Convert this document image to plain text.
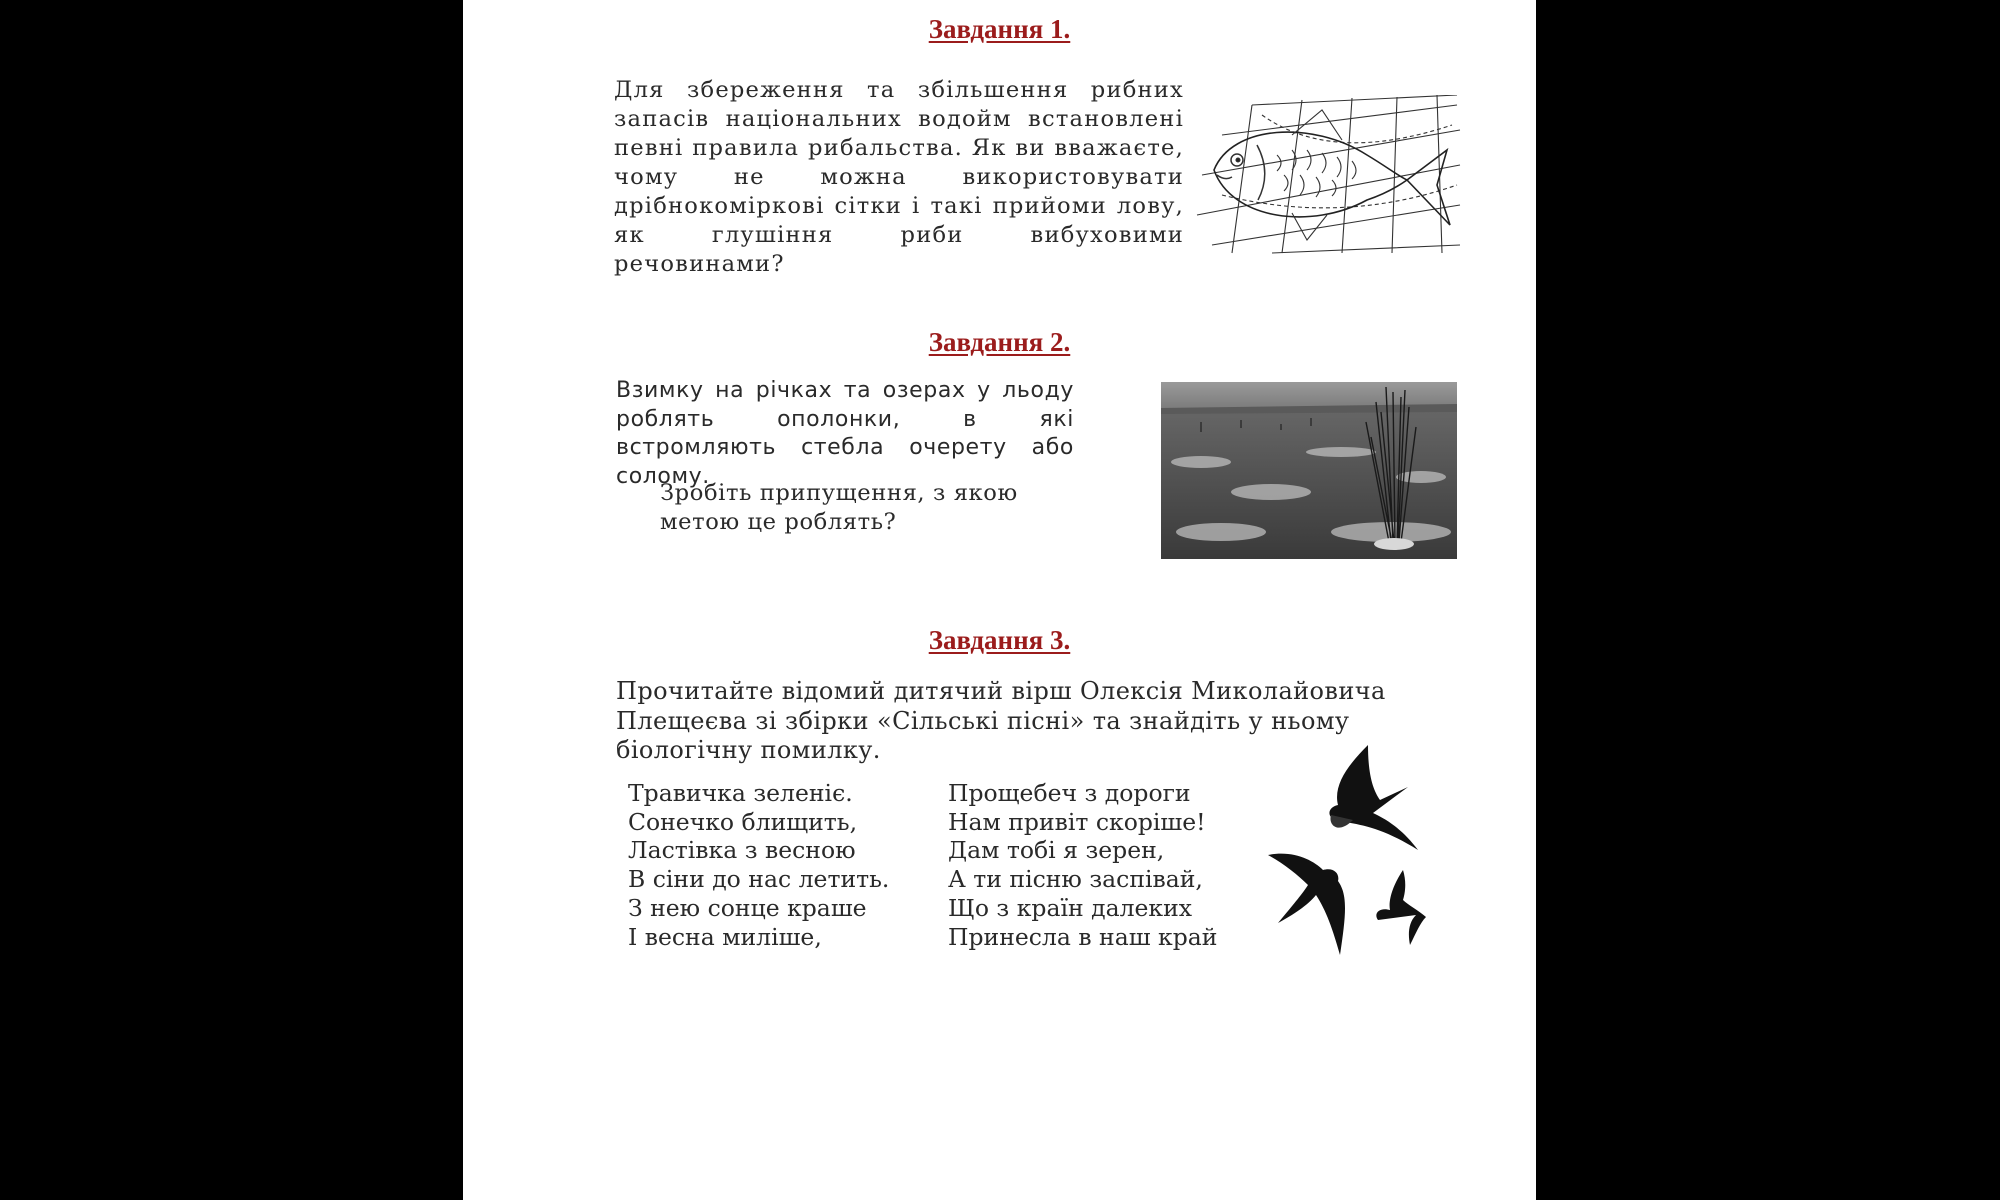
Завдання 1.

Для збереження та збільшення рибних запасів національних водойм встановлені певні правила рибальства. Як ви вважаєте, чому не можна використовувати дрібнокоміркові сітки і такі прийоми лову, як глушіння риби вибуховими речовинами?

Завдання 2.

Взимку на річках та озерах у льоду роблять ополонки, в які встромляють стебла очерету або солому.

Зробіть припущення, з якою метою це роблять?

Завдання 3.

Прочитайте відомий дитячий вірш Олексія Миколайовича Плещеєва зі збірки «Сільські пісні» та знайдіть у ньому біологічну помилку.

Травичка зеленіє.
Сонечко блищить,
Ластівка з весною
В сіни до нас летить.
З нею сонце краше
І весна миліше,
Прощебеч з дороги
Нам привіт скоріше!
Дам тобі я зерен,
А ти пісню заспівай,
Що з країн далеких
Принесла в наш край
